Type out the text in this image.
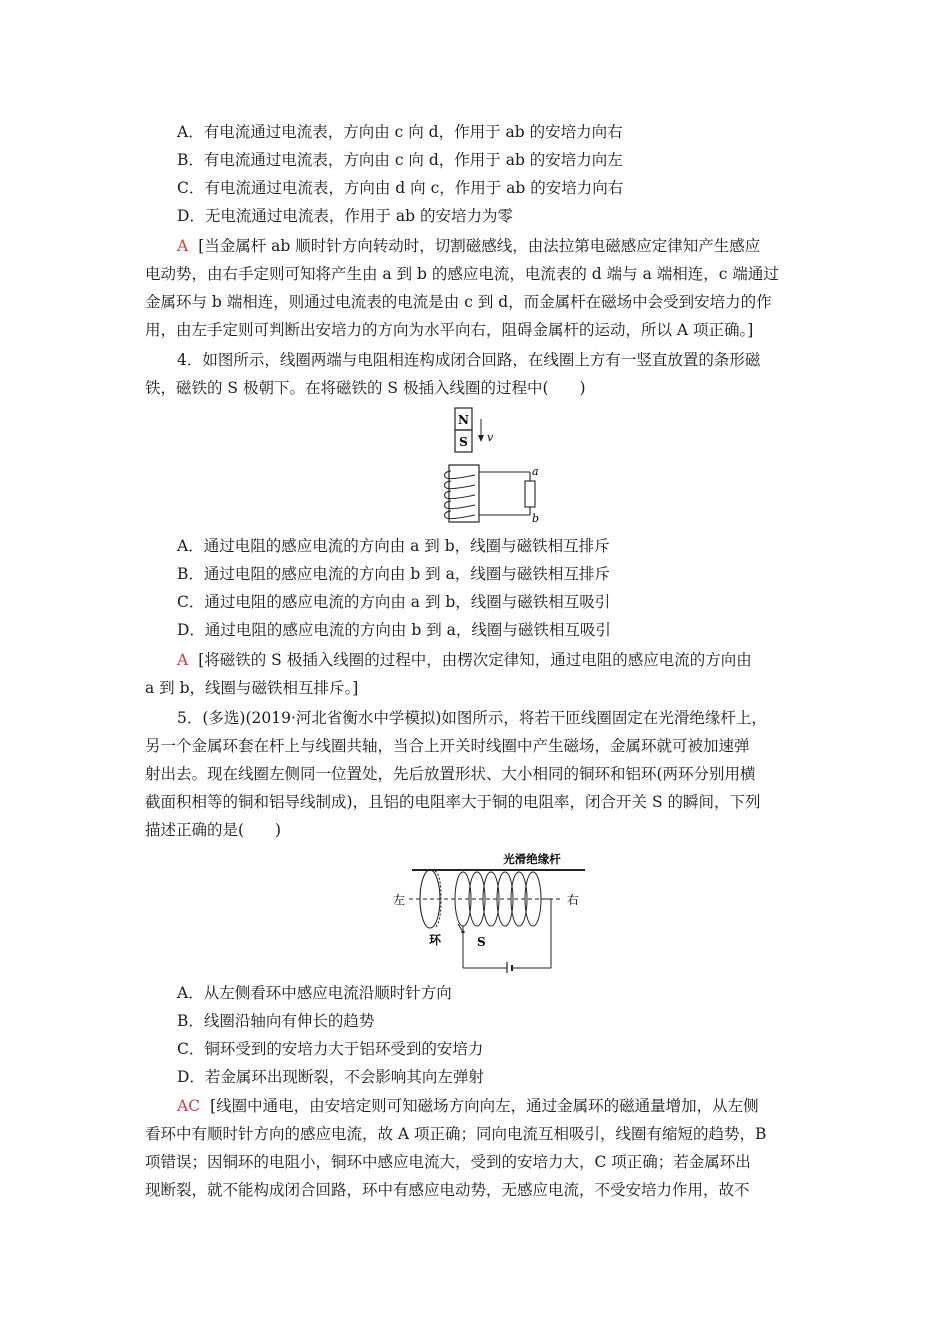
A．有电流通过电流表，方向由 c 向 d，作用于 ab 的安培力向右
B．有电流通过电流表，方向由 c 向 d，作用于 ab 的安培力向左
C．有电流通过电流表，方向由 d 向 c，作用于 ab 的安培力向右
D．无电流通过电流表，作用于 ab 的安培力为零
A [当金属杆 ab 顺时针方向转动时，切割磁感线，由法拉第电磁感应定律知产生感应
电动势，由右手定则可知将产生由 a 到 b 的感应电流，电流表的 d 端与 a 端相连，c 端通过
金属环与 b 端相连，则通过电流表的电流是由 c 到 d，而金属杆在磁场中会受到安培力的作
用，由左手定则可判断出安培力的方向为水平向右，阻碍金属杆的运动，所以 A 项正确。]
4．如图所示，线圈两端与电阻相连构成闭合回路，在线圈上方有一竖直放置的条形磁
铁，磁铁的 S 极朝下。在将磁铁的 S 极插入线圈的过程中(　　)
N
S v
a
b
A．通过电阻的感应电流的方向由 a 到 b，线圈与磁铁相互排斥
B．通过电阻的感应电流的方向由 b 到 a，线圈与磁铁相互排斥
C．通过电阻的感应电流的方向由 a 到 b，线圈与磁铁相互吸引
D．通过电阻的感应电流的方向由 b 到 a，线圈与磁铁相互吸引
A [将磁铁的 S 极插入线圈的过程中，由楞次定律知，通过电阻的感应电流的方向由
a 到 b，线圈与磁铁相互排斥。]
5．(多选)(2019·河北省衡水中学模拟)如图所示，将若干匝线圈固定在光滑绝缘杆上，
另一个金属环套在杆上与线圈共轴，当合上开关时线圈中产生磁场，金属环就可被加速弹
射出去。现在线圈左侧同一位置处，先后放置形状、大小相同的铜环和铝环(两环分别用横
截面积相等的铜和铝导线制成)，且铝的电阻率大于铜的电阻率，闭合开关 S 的瞬间，下列
描述正确的是(　　)
光滑绝缘杆
左	右
S
环
A．从左侧看环中感应电流沿顺时针方向
B．线圈沿轴向有伸长的趋势
C．铜环受到的安培力大于铝环受到的安培力
D．若金属环出现断裂，不会影响其向左弹射
AC [线圈中通电，由安培定则可知磁场方向向左，通过金属环的磁通量增加，从左侧
看环中有顺时针方向的感应电流，故 A 项正确；同向电流互相吸引，线圈有缩短的趋势，B
项错误；因铜环的电阻小，铜环中感应电流大，受到的安培力大，C 项正确；若金属环出
现断裂，就不能构成闭合回路，环中有感应电动势，无感应电流，不受安培力作用，故不
